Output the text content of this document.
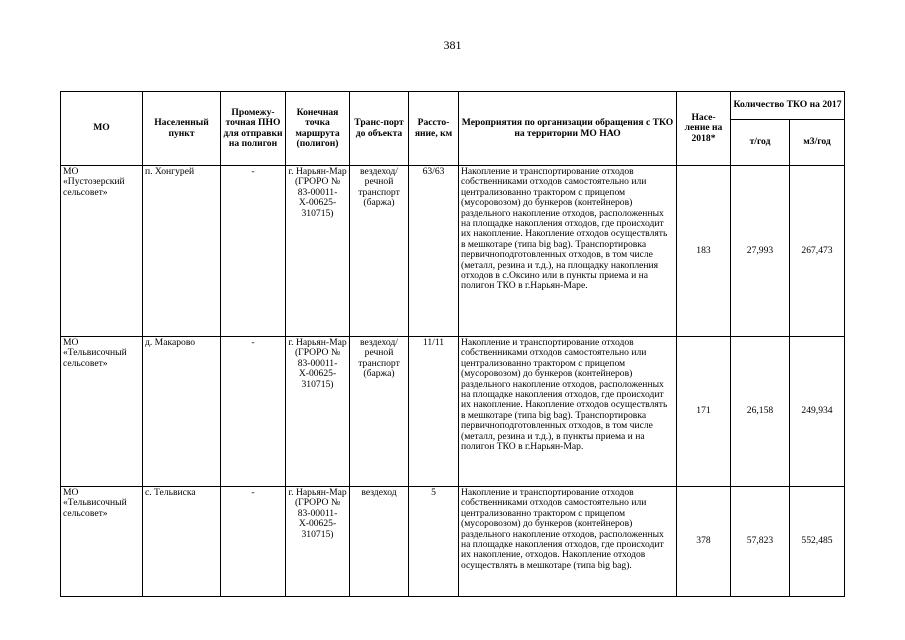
381
МО	Населенный пункт	Промежу-точная ПНО для отправки на полигон	Конечная точка маршрута (полигон)	Транс-порт до объекта	Рассто-яние, км	Мероприятия по организации обращения с ТКО на территории МО НАО	Насе-ление на 2018*	Количество ТКО на 2017	
								т/год	м3/год
МО «Пустозерский сельсовет»	п. Хонгурей	-	г. Нарьян-Мар (ГРОРО № 83-00011-Х-00625-310715)	вездеход/ речной транспорт (баржа)	63/63	Накопление и транспортирование отходов собственниками отходов самостоятельно или централизованно трактором с прицепом (мусоровозом) до бункеров (контейнеров) раздельного накопление отходов, расположенных на площадке накопления отходов, где происходит их накопление. Накопление отходов осуществлять в мешкотаре (типа big bag). Транспортировка первичноподготовленных отходов, в том числе (металл, резина и т.д.), на площадку накопления отходов в с.Оксино или в пункты приема и на полигон ТКО в г.Нарьян-Маре.	183	27,993	267,473
МО «Тельвисочный сельсовет»	д. Макарово	-	г. Нарьян-Мар (ГРОРО № 83-00011-Х-00625-310715)	вездеход/ речной транспорт (баржа)	11/11	Накопление и транспортирование отходов собственниками отходов самостоятельно или централизованно трактором с прицепом (мусоровозом) до бункеров (контейнеров) раздельного накопление отходов, расположенных на площадке накопления отходов, где происходит их накопление. Накопление отходов осуществлять в мешкотаре (типа big bag). Транспортировка первичноподготовленных отходов, в том числе (металл, резина и т.д.), в пункты приема и на полигон ТКО в г.Нарьян-Мар.	171	26,158	249,934
МО «Тельвисочный сельсовет»	с. Тельвиска	-	г. Нарьян-Мар (ГРОРО № 83-00011-Х-00625-310715)	вездеход	5	Накопление и транспортирование отходов собственниками отходов самостоятельно или централизованно трактором с прицепом (мусоровозом) до бункеров (контейнеров) раздельного накопление отходов, расположенных на площадке накопления отходов, где происходит их накопление, отходов. Накопление отходов осуществлять в мешкотаре (типа big bag).	378	57,823	552,485
